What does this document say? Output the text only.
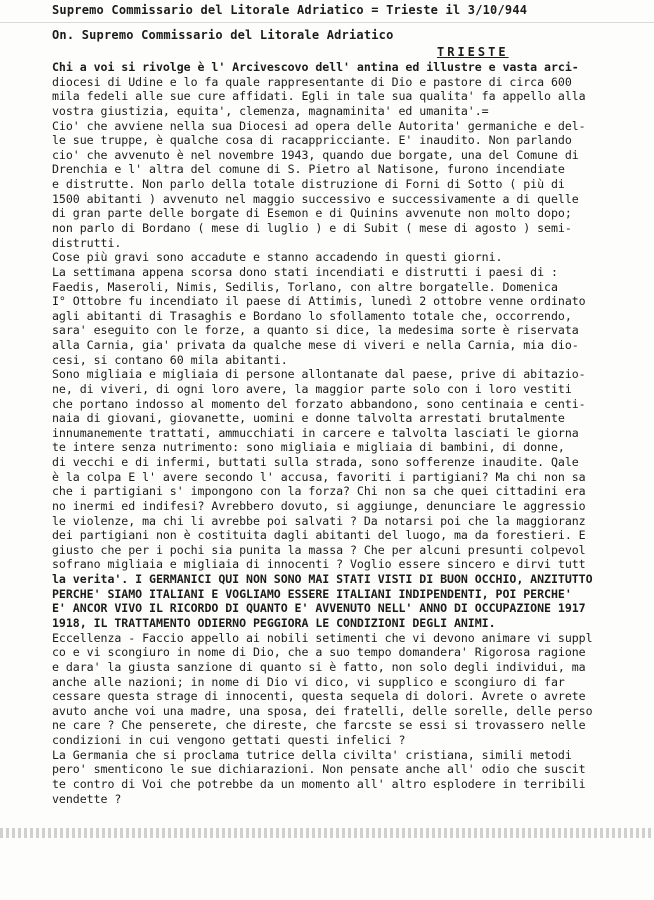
Supremo Commissario del Litorale Adriatico = Trieste il 3/10/944
On. Supremo Commissario del Litorale Adriatico
TRIESTE
Chi a voi si rivolge è l' Arcivescovo dell' antina ed illustre e vasta arci-
diocesi di Udine e lo fa quale rappresentante di Dio e pastore di circa 600
mila fedeli alle sue cure affidati. Egli in tale sua qualita' fa appello alla
vostra giustizia, equita', clemenza, magnaminita' ed umanita'.=
Cio' che avviene nella sua Diocesi ad opera delle Autorita' germaniche e del-
le sue truppe, è qualche cosa di racappricciante. E' inaudito. Non parlando
cio' che avvenuto è nel novembre 1943, quando due borgate, una del Comune di
Drenchia e l' altra del comune di S. Pietro al Natisone, furono incendiate
e distrutte. Non parlo della totale distruzione di Forni di Sotto ( più di
1500 abitanti ) avvenuto nel maggio successivo e successivamente a di quelle
di gran parte delle borgate di Esemon e di Quinins avvenute non molto dopo;
non parlo di Bordano ( mese di luglio ) e di Subit ( mese di agosto ) semi-
distrutti.
Cose più gravi sono accadute e stanno accadendo in questi giorni.
La settimana appena scorsa dono stati incendiati e distrutti i paesi di :
Faedis, Maseroli, Nimis, Sedilis, Torlano, con altre borgatelle. Domenica
I° Ottobre fu incendiato il paese di Attimis, lunedì 2 ottobre venne ordinato
agli abitanti di Trasaghis e Bordano lo sfollamento totale che, occorrendo,
sara' eseguito con le forze, a quanto si dice, la medesima sorte è riservata
alla Carnia, gia' privata da qualche mese di viveri e nella Carnia, mia dio-
cesi, si contano 60 mila abitanti.
Sono migliaia e migliaia di persone allontanate dal paese, prive di abitazio-
ne, di viveri, di ogni loro avere, la maggior parte solo con i loro vestiti
che portano indosso al momento del forzato abbandono, sono centinaia e centi-
naia di giovani, giovanette, uomini e donne talvolta arrestati brutalmente
innumanemente trattati, ammucchiati in carcere e talvolta lasciati le giorna
te intere senza nutrimento: sono migliaia e migliaia di bambini, di donne,
di vecchi e di infermi, buttati sulla strada, sono sofferenze inaudite. Qale
è la colpa E l' avere secondo l' accusa, favoriti i partigiani? Ma chi non sa
che i partigiani s' impongono con la forza? Chi non sa che quei cittadini era
no inermi ed indifesi? Avrebbero dovuto, si aggiunge, denunciare le aggressio
le violenze, ma chi li avrebbe poi salvati ? Da notarsi poi che la maggioranz
dei partigiani non è costituita dagli abitanti del luogo, ma da forestieri. E
giusto che per i pochi sia punita la massa ? Che per alcuni presunti colpevol
sofrano migliaia e migliaia di innocenti ? Voglio essere sincero e dirvi tutt
la verita'. I GERMANICI QUI NON SONO MAI STATI VISTI DI BUON OCCHIO, ANZITUTTO
PERCHE' SIAMO ITALIANI E VOGLIAMO ESSERE ITALIANI INDIPENDENTI, POI PERCHE'
E' ANCOR VIVO IL RICORDO DI QUANTO E' AVVENUTO NELL' ANNO DI OCCUPAZIONE 1917
1918, IL TRATTAMENTO ODIERNO PEGGIORA LE CONDIZIONI DEGLI ANIMI.
Eccellenza - Faccio appello ai nobili setimenti che vi devono animare vi suppl
co e vi scongiuro in nome di Dio, che a suo tempo domandera' Rigorosa ragione
e dara' la giusta sanzione di quanto si è fatto, non solo degli individui, ma
anche alle nazioni; in nome di Dio vi dico, vi supplico e scongiuro di far
cessare questa strage di innocenti, questa sequela di dolori. Avrete o avrete
avuto anche voi una madre, una sposa, dei fratelli, delle sorelle, delle perso
ne care ? Che penserete, che direste, che farcste se essi si trovassero nelle
condizioni in cui vengono gettati questi infelici ?
La Germania che si proclama tutrice della civilta' cristiana, simili metodi
pero' smenticono le sue dichiarazioni. Non pensate anche all' odio che suscit
te contro di Voi che potrebbe da un momento all' altro esplodere in terribili
vendette ?
